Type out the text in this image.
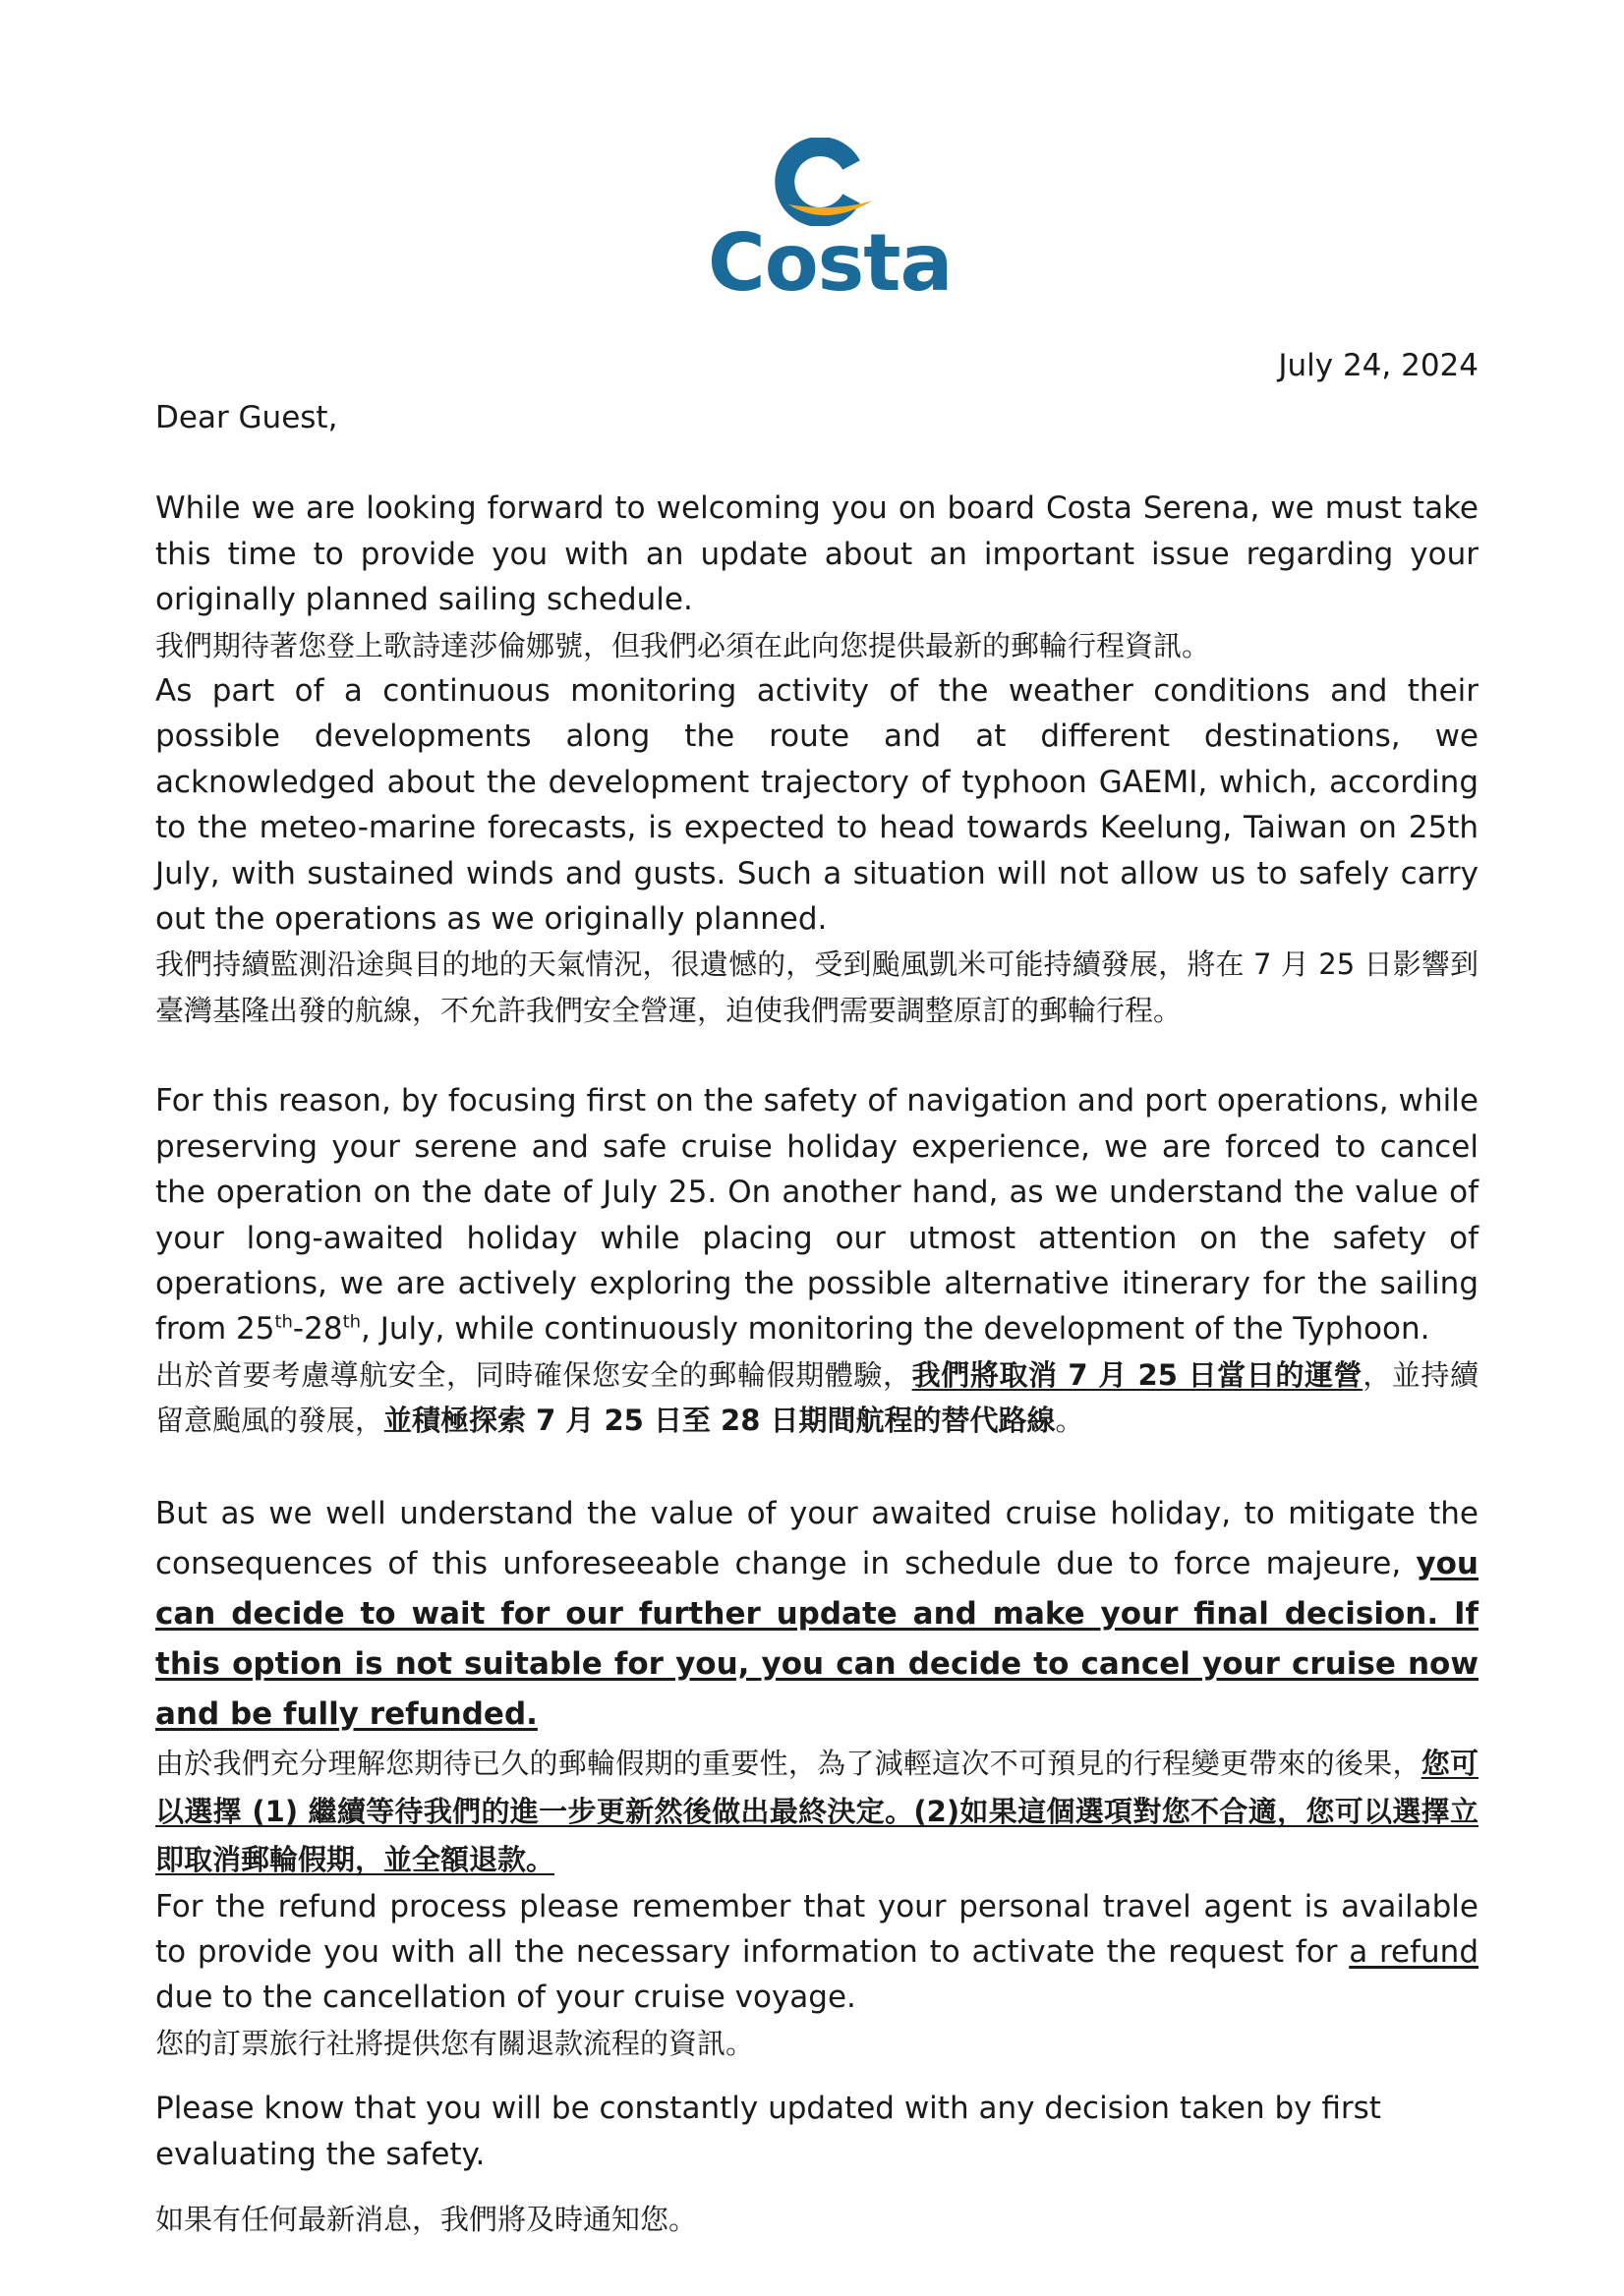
Costa
July 24, 2024

Dear Guest,

While we are looking forward to welcoming you on board Costa Serena, we must take this time to provide you with an update about an important issue regarding your originally planned sailing schedule.

我們期待著您登上歌詩達莎倫娜號，但我們必須在此向您提供最新的郵輪行程資訊。

As part of a continuous monitoring activity of the weather conditions and their possible developments along the route and at different destinations, we acknowledged about the development trajectory of typhoon GAEMI, which, according to the meteo-marine forecasts, is expected to head towards Keelung, Taiwan on 25th July, with sustained winds and gusts. Such a situation will not allow us to safely carry out the operations as we originally planned.

我們持續監測沿途與目的地的天氣情況，很遺憾的，受到颱風凱米可能持續發展，將在 7 月 25 日影響到臺灣基隆出發的航線，不允許我們安全營運，迫使我們需要調整原訂的郵輪行程。

For this reason, by focusing first on the safety of navigation and port operations, while preserving your serene and safe cruise holiday experience, we are forced to cancel the operation on the date of July 25. On another hand, as we understand the value of your long-awaited holiday while placing our utmost attention on the safety of operations, we are actively exploring the possible alternative itinerary for the sailing from 25th-28th, July, while continuously monitoring the development of the Typhoon.

出於首要考慮導航安全，同時確保您安全的郵輪假期體驗，我們將取消 7 月 25 日當日的運營，並持續留意颱風的發展，並積極探索 7 月 25 日至 28 日期間航程的替代路線。

But as we well understand the value of your awaited cruise holiday, to mitigate the consequences of this unforeseeable change in schedule due to force majeure, you can decide to wait for our further update and make your final decision. If this option is not suitable for you, you can decide to cancel your cruise now and be fully refunded.

由於我們充分理解您期待已久的郵輪假期的重要性，為了減輕這次不可預見的行程變更帶來的後果，您可以選擇 (1) 繼續等待我們的進一步更新然後做出最終決定。(2)如果這個選項對您不合適，您可以選擇立即取消郵輪假期，並全額退款。

For the refund process please remember that your personal travel agent is available to provide you with all the necessary information to activate the request for a refund due to the cancellation of your cruise voyage.

您的訂票旅行社將提供您有關退款流程的資訊。

Please know that you will be constantly updated with any decision taken by first evaluating the safety.

如果有任何最新消息，我們將及時通知您。
